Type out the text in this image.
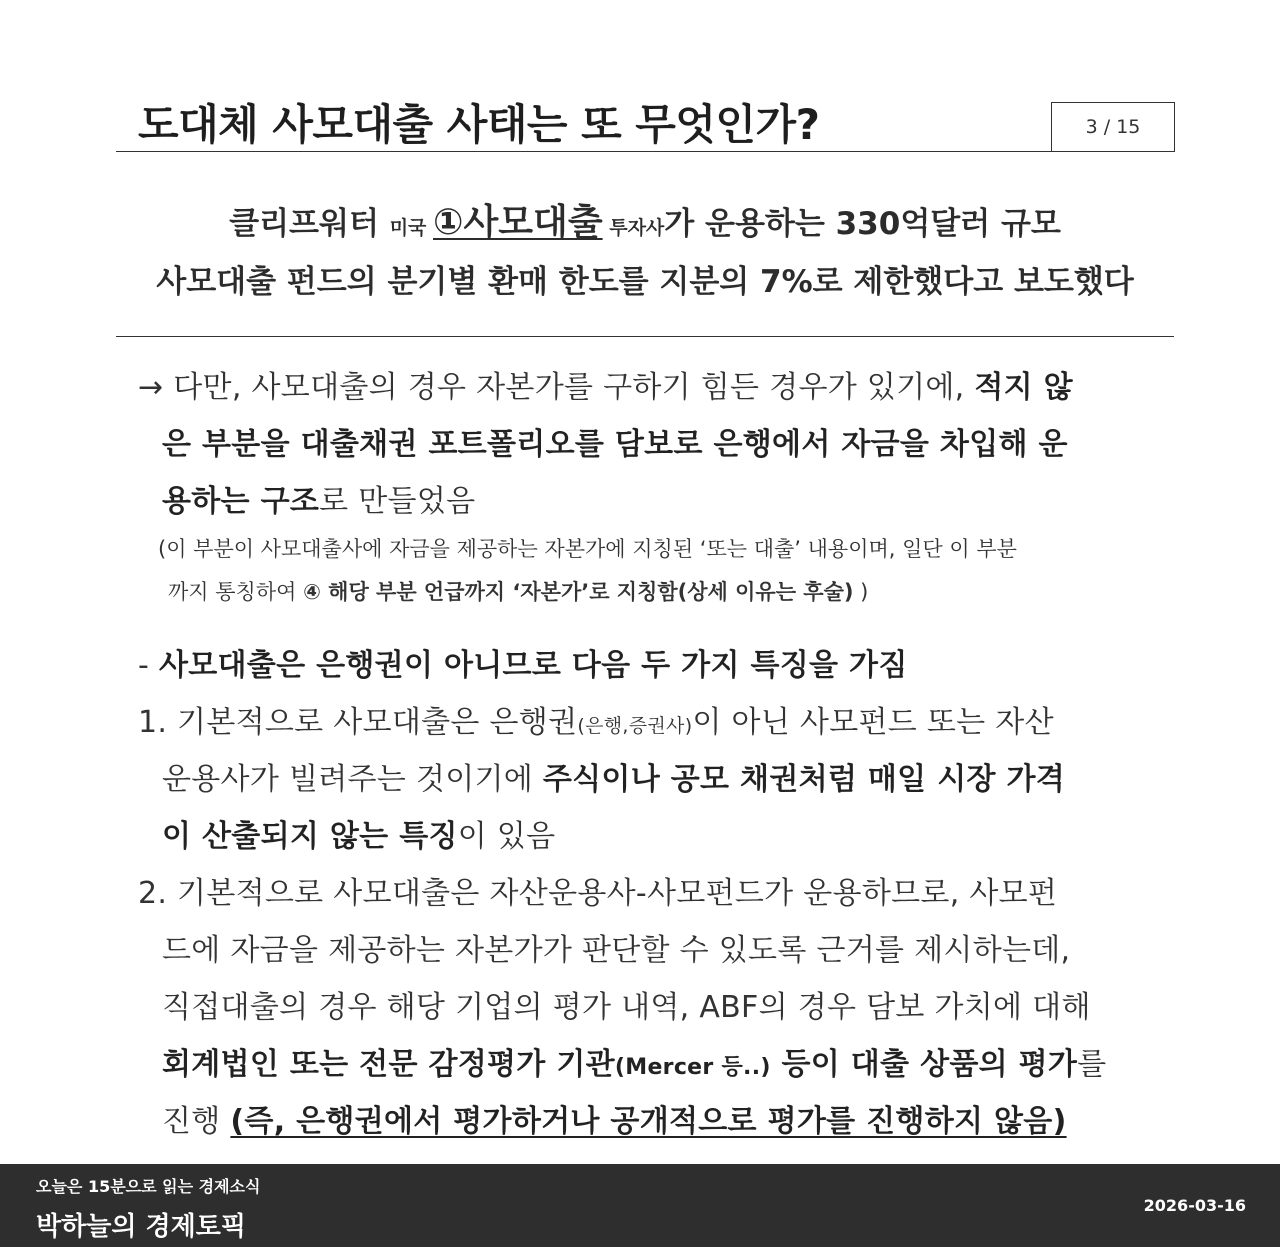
도대체 사모대출 사태는 또 무엇인가?	3 / 15
클리프워터 미국 ①사모대출 투자사가 운용하는 330억달러 규모
사모대출 펀드의 분기별 환매 한도를 지분의 7%로 제한했다고 보도했다
→ 다만, 사모대출의 경우 자본가를 구하기 힘든 경우가 있기에, 적지 않
은 부분을 대출채권 포트폴리오를 담보로 은행에서 자금을 차입해 운
용하는 구조로 만들었음
(이 부분이 사모대출사에 자금을 제공하는 자본가에 지칭된 ‘또는 대출’ 내용이며, 일단 이 부분
까지 통칭하여 ④ 해당 부분 언급까지 ‘자본가’로 지칭함(상세 이유는 후술) )
- 사모대출은 은행권이 아니므로 다음 두 가지 특징을 가짐
1. 기본적으로 사모대출은 은행권(은행,증권사)이 아닌 사모펀드 또는 자산
운용사가 빌려주는 것이기에 주식이나 공모 채권처럼 매일 시장 가격
이 산출되지 않는 특징이 있음
2. 기본적으로 사모대출은 자산운용사-사모펀드가 운용하므로, 사모펀
드에 자금을 제공하는 자본가가 판단할 수 있도록 근거를 제시하는데,
직접대출의 경우 해당 기업의 평가 내역, ABF의 경우 담보 가치에 대해
회계법인 또는 전문 감정평가 기관(Mercer 등..) 등이 대출 상품의 평가를
진행 (즉, 은행권에서 평가하거나 공개적으로 평가를 진행하지 않음)
오늘은 15분으로 읽는 경제소식
박하늘의 경제토픽
2026-03-16
